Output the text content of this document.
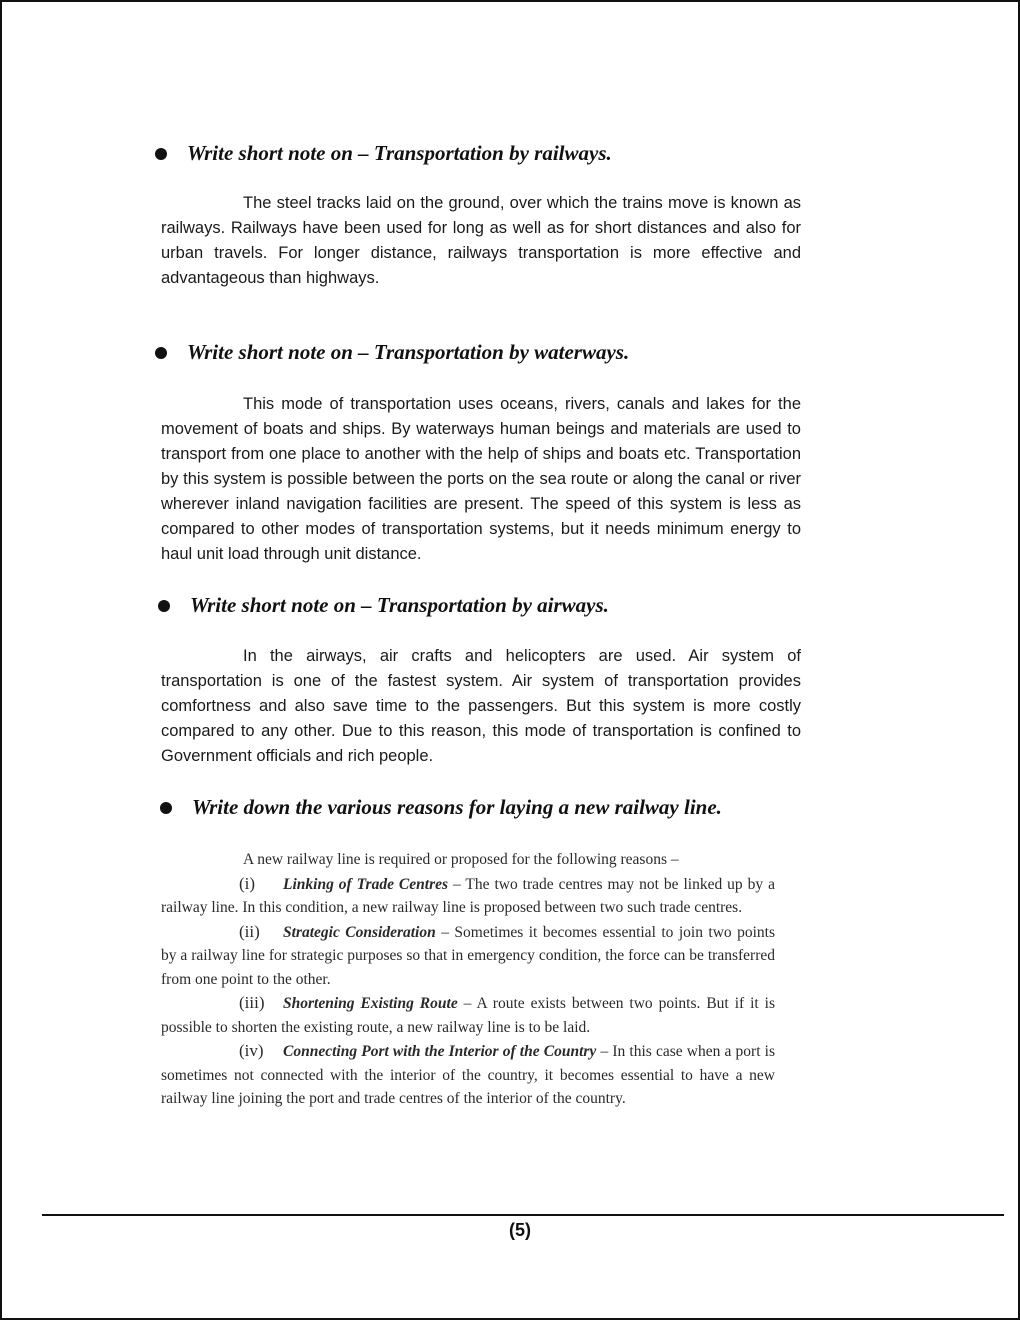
Write short note on – Transportation by railways.
The steel tracks laid on the ground, over which the trains move is known as railways. Railways have been used for long as well as for short distances and also for urban travels. For longer distance, railways transportation is more effective and advantageous than highways.
Write short note on – Transportation by waterways.
This mode of transportation uses oceans, rivers, canals and lakes for the movement of boats and ships. By waterways human beings and materials are used to transport from one place to another with the help of ships and boats etc. Transportation by this system is possible between the ports on the sea route or along the canal or river wherever inland navigation facilities are present. The speed of this system is less as compared to other modes of transportation systems, but it needs minimum energy to haul unit load through unit distance.
Write short note on – Transportation by airways.
In the airways, air crafts and helicopters are used. Air system of transportation is one of the fastest system. Air system of transportation provides comfortness and also save time to the passengers. But this system is more costly compared to any other. Due to this reason, this mode of transportation is confined to Government officials and rich people.
Write down the various reasons for laying a new railway line.

A new railway line is required or proposed for the following reasons –

(i) Linking of Trade Centres – The two trade centres may not be linked up by a railway line. In this condition, a new railway line is proposed between two such trade centres.

(ii) Strategic Consideration – Sometimes it becomes essential to join two points by a railway line for strategic purposes so that in emergency condition, the force can be transferred from one point to the other.

(iii) Shortening Existing Route – A route exists between two points. But if it is possible to shorten the existing route, a new railway line is to be laid.

(iv) Connecting Port with the Interior of the Country – In this case when a port is sometimes not connected with the interior of the country, it becomes essential to have a new railway line joining the port and trade centres of the interior of the country.

(5)
